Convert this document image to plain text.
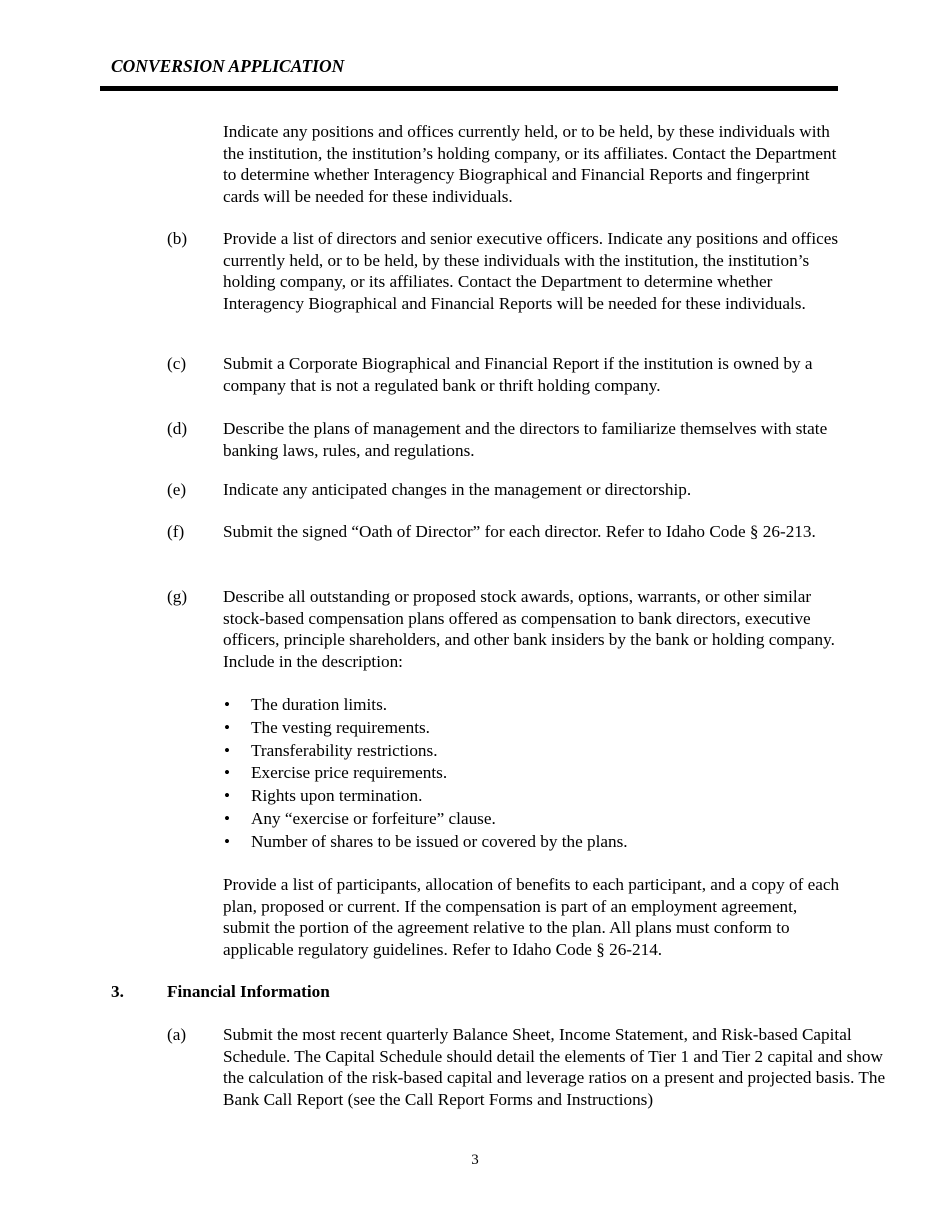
CONVERSION APPLICATION
Indicate any positions and offices currently held, or to be held, by these individuals with the institution, the institution’s holding company, or its affiliates. Contact the Department to determine whether Interagency Biographical and Financial Reports and fingerprint cards will be needed for these individuals.
(b) Provide a list of directors and senior executive officers. Indicate any positions and offices currently held, or to be held, by these individuals with the institution, the institution’s holding company, or its affiliates. Contact the Department to determine whether Interagency Biographical and Financial Reports will be needed for these individuals.
(c) Submit a Corporate Biographical and Financial Report if the institution is owned by a company that is not a regulated bank or thrift holding company.
(d) Describe the plans of management and the directors to familiarize themselves with state banking laws, rules, and regulations.
(e) Indicate any anticipated changes in the management or directorship.
(f) Submit the signed “Oath of Director” for each director. Refer to Idaho Code § 26-213.
(g) Describe all outstanding or proposed stock awards, options, warrants, or other similar stock-based compensation plans offered as compensation to bank directors, executive officers, principle shareholders, and other bank insiders by the bank or holding company. Include in the description:
• The duration limits.
• The vesting requirements.
• Transferability restrictions.
• Exercise price requirements.
• Rights upon termination.
• Any “exercise or forfeiture” clause.
• Number of shares to be issued or covered by the plans.
Provide a list of participants, allocation of benefits to each participant, and a copy of each plan, proposed or current. If the compensation is part of an employment agreement, submit the portion of the agreement relative to the plan. All plans must conform to applicable regulatory guidelines. Refer to Idaho Code § 26-214.
3.	Financial Information
(a) Submit the most recent quarterly Balance Sheet, Income Statement, and Risk-based Capital Schedule. The Capital Schedule should detail the elements of Tier 1 and Tier 2 capital and show the calculation of the risk-based capital and leverage ratios on a present and projected basis. The Bank Call Report (see the Call Report Forms and Instructions)
3
